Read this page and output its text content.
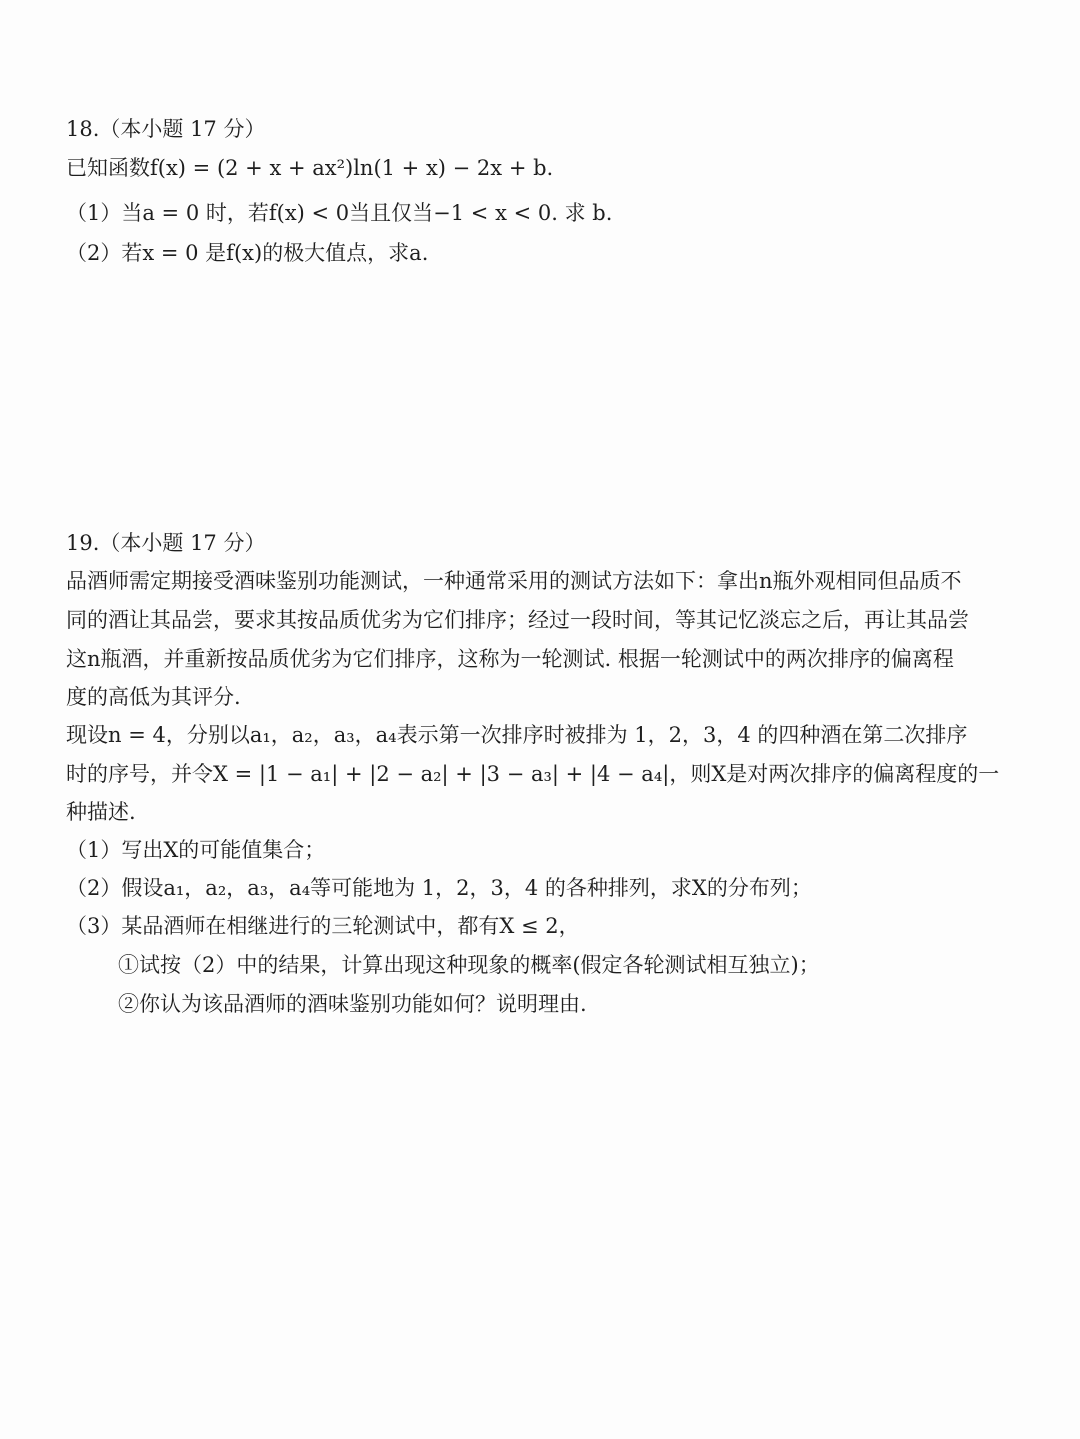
18.（本小题 17 分）
已知函数f(x) = (2 + x + ax²)ln(1 + x) − 2x + b.
（1）当a = 0 时，若f(x) < 0当且仅当−1 < x < 0. 求 b.
（2）若x = 0 是f(x)的极大值点，求a.
19.（本小题 17 分）
品酒师需定期接受酒味鉴别功能测试，一种通常采用的测试方法如下：拿出n瓶外观相同但品质不
同的酒让其品尝，要求其按品质优劣为它们排序；经过一段时间，等其记忆淡忘之后，再让其品尝
这n瓶酒，并重新按品质优劣为它们排序，这称为一轮测试. 根据一轮测试中的两次排序的偏离程
度的高低为其评分.
现设n = 4，分别以a₁，a₂，a₃，a₄表示第一次排序时被排为 1，2，3，4 的四种酒在第二次排序
时的序号，并令X = |1 − a₁| + |2 − a₂| + |3 − a₃| + |4 − a₄|，则X是对两次排序的偏离程度的一
种描述.
（1）写出X的可能值集合；
（2）假设a₁，a₂，a₃，a₄等可能地为 1，2，3，4 的各种排列，求X的分布列；
（3）某品酒师在相继进行的三轮测试中，都有X ≤ 2，
①试按（2）中的结果，计算出现这种现象的概率(假定各轮测试相互独立)；
②你认为该品酒师的酒味鉴别功能如何？说明理由.
